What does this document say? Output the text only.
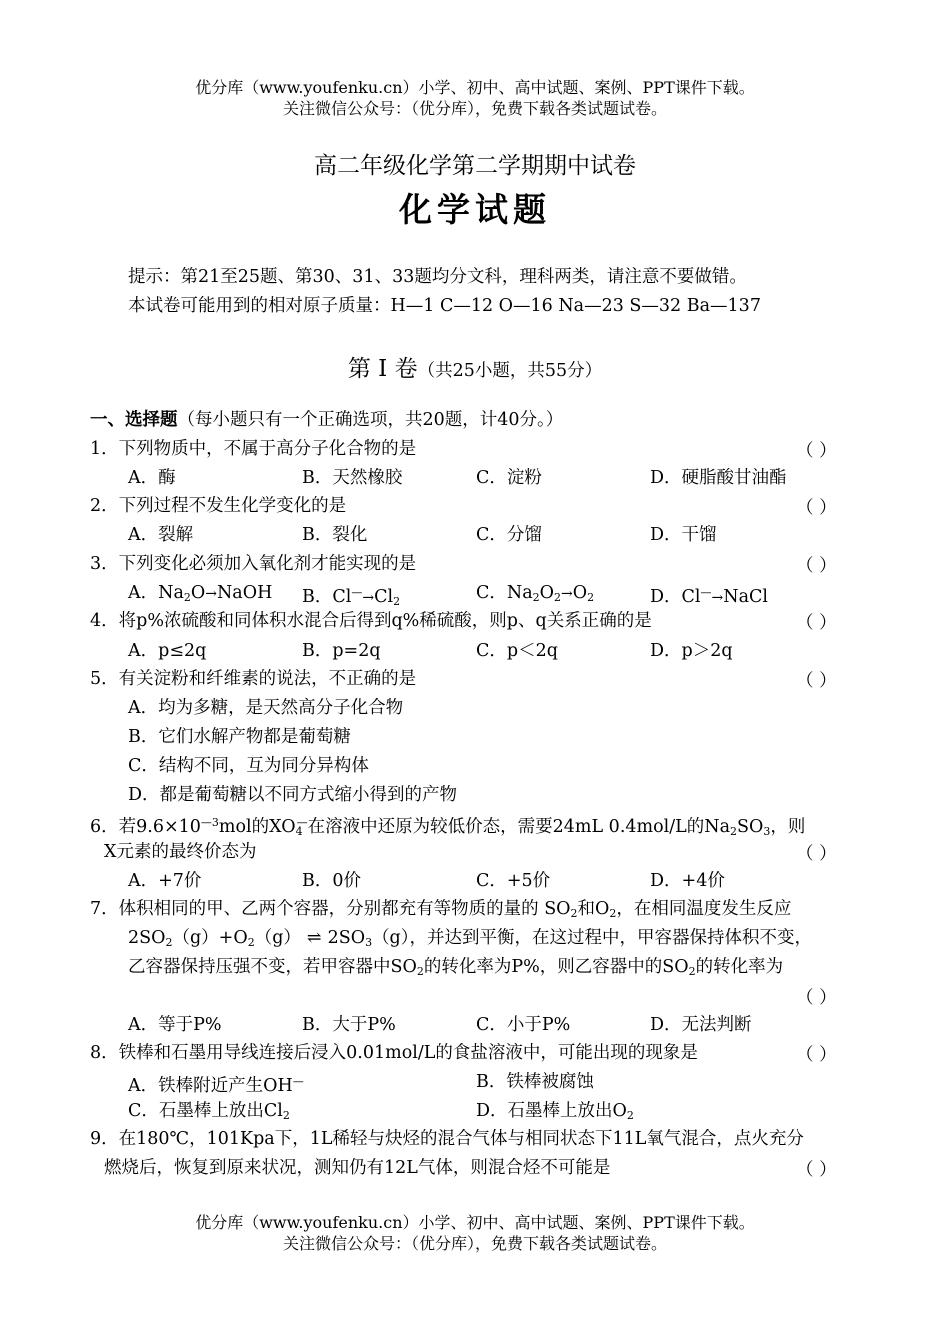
优分库（www.youfenku.cn）小学、初中、高中试题、案例、PPT课件下载。
关注微信公众号：（优分库），免费下载各类试题试卷。
高二年级化学第二学期期中试卷
化学试题
提示：第21至25题、第30、31、33题均分文科，理科两类，请注意不要做错。
本试卷可能用到的相对原子质量：H—1 C—12 O—16 Na—23 S—32 Ba—137
第 Ⅰ 卷（共25小题，共55分）
一、选择题（每小题只有一个正确选项，共20题，计40分。）
1．下列物质中，不属于高分子化合物的是	（ ）
A．酶	B．天然橡胶	C．淀粉	D．硬脂酸甘油酯
2．下列过程不发生化学变化的是	（ ）
A．裂解	B．裂化	C．分馏	D．干馏
3．下列变化必须加入氧化剂才能实现的是	（ ）
A．$Na_2O\to NaOH$ B．$Cl^—\to Cl_2$	C．$Na_2O_2\to O_2$	D．Cl—→NaCl
4．将p%浓硫酸和同体积水混合后得到q%稀硫酸，则p、q关系正确的是	（ ）
A．p≤2q	B．p=2q	C．p＜2q	D．p＞2q
5．有关淀粉和纤维素的说法，不正确的是	（ ）
A．均为多糖，是天然高分子化合物
B．它们水解产物都是葡萄糖
C．结构不同，互为同分异构体
D．都是葡萄糖以不同方式缩小得到的产物
6．若$9.6\times 10^{—3}mol$的$XO_4^—$在溶液中还原为较低价态，需要24mL 0.4mol/L的$Na_2SO_3$，则
X元素的最终价态为	（ ）
A．+7价	B．0价	C．+5价	D．+4价
7．体积相同的甲、乙两个容器，分别都充有等物质的量的 $SO_2$和$O_2$，在相同温度发生反应
$2SO_2(g)+O_2(g)$ ⇌ $2SO_3(g)$，并达到平衡，在这过程中，甲容器保持体积不变，
乙容器保持压强不变，若甲容器中$SO_2$的转化率为P%，则乙容器中的$SO_2$的转化率为
（ ）
A．等于P%	B．大于P%	C．小于P%	D．无法判断
8．铁棒和石墨用导线连接后浸入0.01mol/L的食盐溶液中，可能出现的现象是	（ ）
A．铁棒附近产生OH—	B．铁棒被腐蚀
C．石墨棒上放出$Cl_2$	D．石墨棒上放出$O_2$
9．在180℃，101Kpa下，1L稀轻与炔烃的混合气体与相同状态下11L氧气混合，点火充分
燃烧后，恢复到原来状况，测知仍有12L气体，则混合烃不可能是	（ ）
优分库（www.youfenku.cn）小学、初中、高中试题、案例、PPT课件下载。
关注微信公众号：（优分库），免费下载各类试题试卷。
